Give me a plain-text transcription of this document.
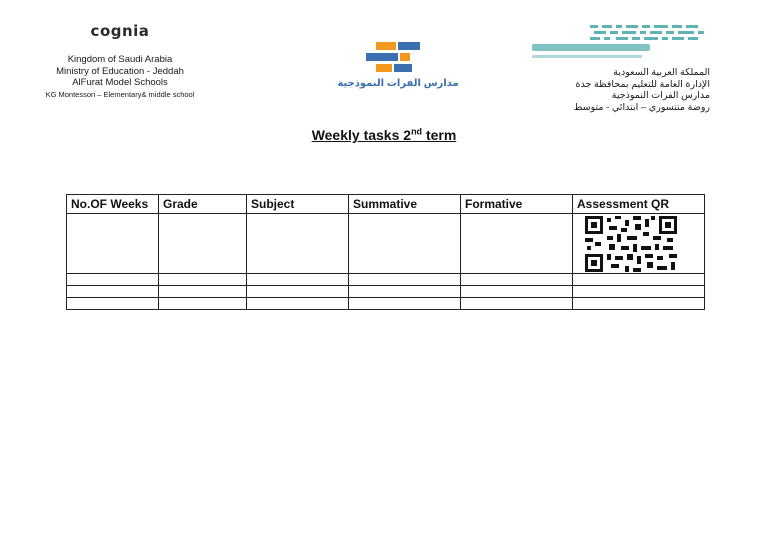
cognia
Kingdom of Saudi Arabia
Ministry of Education - Jeddah
AlFurat Model Schools
KG Montessori – Elementary& middle school
مدارس الفرات النموذجية
المملكة العربية السعودية
الإدارة العامة للتعليم بمحافظة جدة
مدارس الفرات النموذجية
روضة منتسوري – ابتدائي - متوسط
Weekly tasks 2nd term
No.OF Weeks	Grade	Subject	Summative	Formative	Assessment QR
